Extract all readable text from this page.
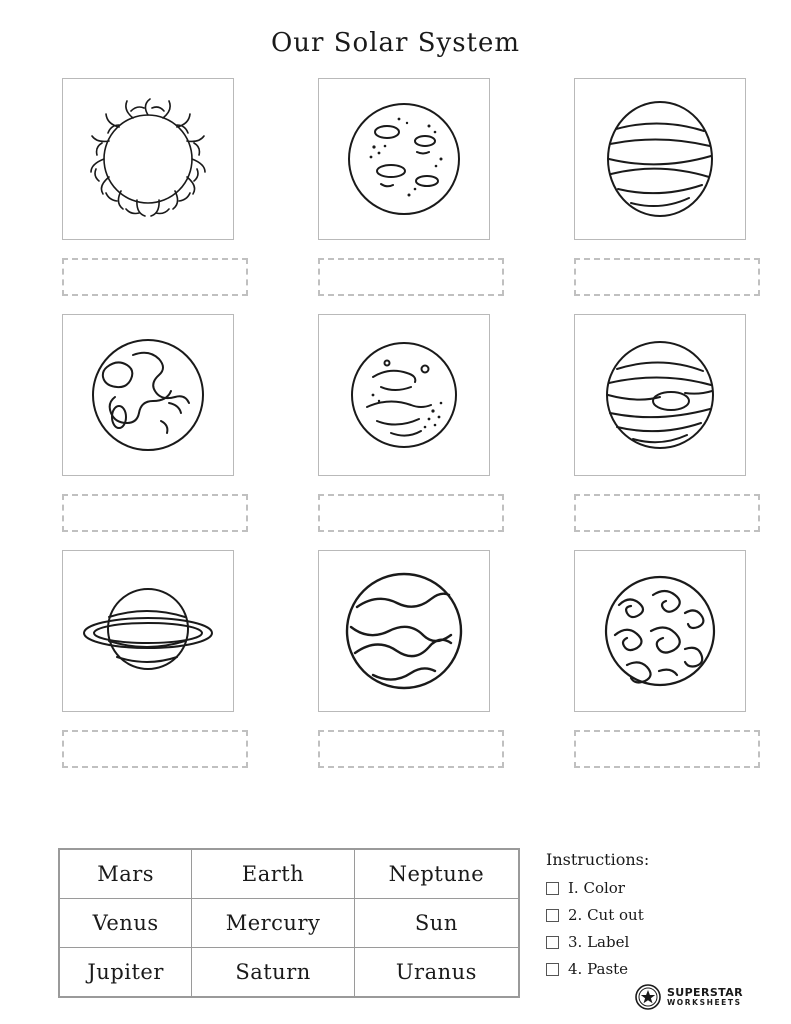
Our Solar System
Mars	Earth	Neptune
Venus	Mercury	Sun
Jupiter	Saturn	Uranus
Instructions:
I. Color
2. Cut out
3. Label
4. Paste
SUPERSTAR
WORKSHEETS
